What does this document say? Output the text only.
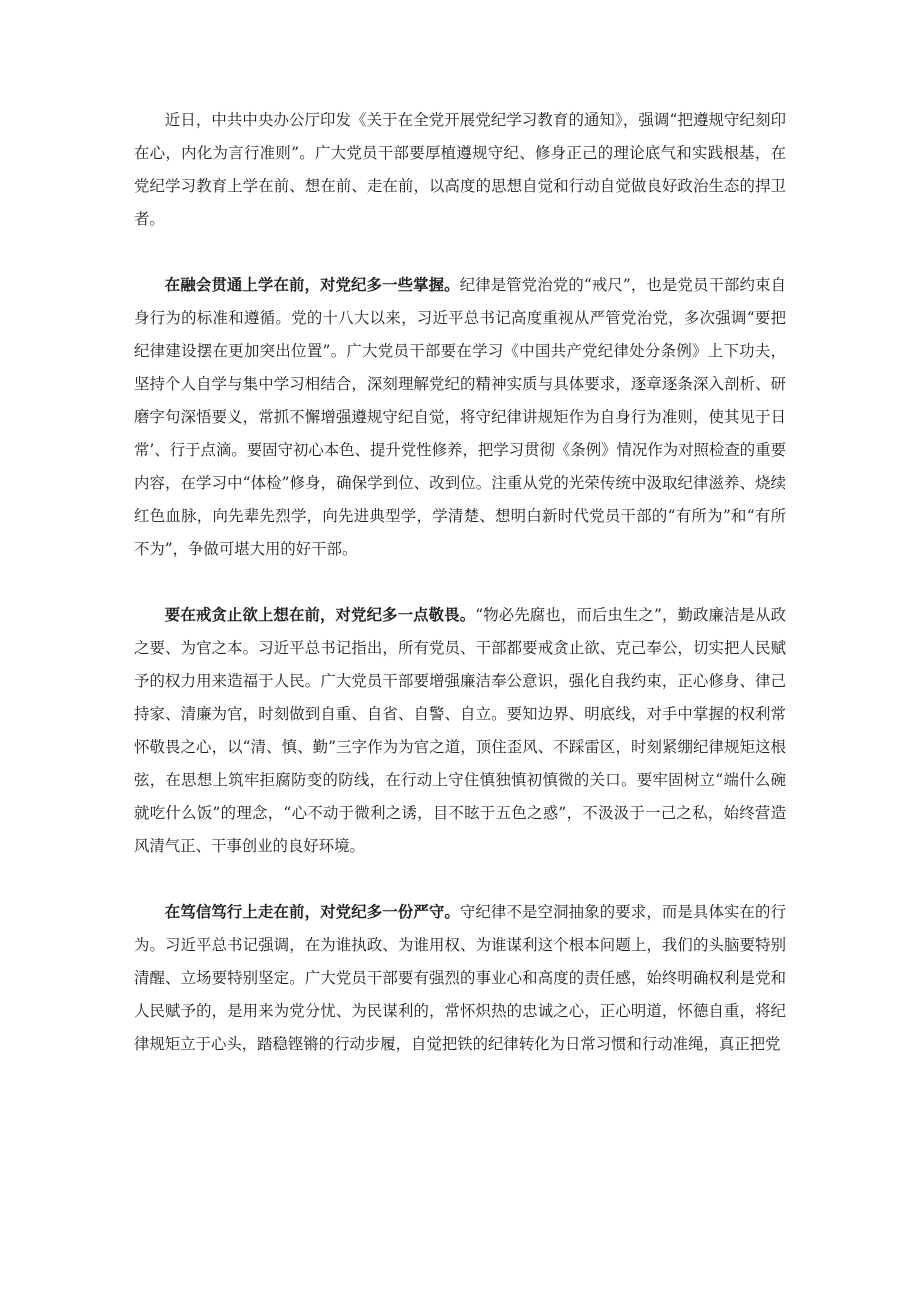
近日，中共中央办公厅印发《关于在全党开展党纪学习教育的通知》，强调“把遵规守纪刻印在心，内化为言行准则”。广大党员干部要厚植遵规守纪、修身正己的理论底气和实践根基，在党纪学习教育上学在前、想在前、走在前，以高度的思想自觉和行动自觉做良好政治生态的捍卫者。

在融会贯通上学在前，对党纪多一些掌握。纪律是管党治党的“戒尺”，也是党员干部约束自身行为的标准和遵循。党的十八大以来，习近平总书记高度重视从严管党治党，多次强调“要把纪律建设摆在更加突出位置”。广大党员干部要在学习《中国共产党纪律处分条例》上下功夫，坚持个人自学与集中学习相结合，深刻理解党纪的精神实质与具体要求，逐章逐条深入剖析、研磨字句深悟要义，常抓不懈增强遵规守纪自觉，将守纪律讲规矩作为自身行为准则，使其见于日常’、行于点滴。要固守初心本色、提升党性修养，把学习贯彻《条例》情况作为对照检查的重要内容，在学习中“体检”修身，确保学到位、改到位。注重从党的光荣传统中汲取纪律滋养、烧续红色血脉，向先辈先烈学，向先进典型学，学清楚、想明白新时代党员干部的“有所为”和“有所不为”，争做可堪大用的好干部。

要在戒贪止欲上想在前，对党纪多一点敬畏。“物必先腐也，而后虫生之”，勤政廉洁是从政之要、为官之本。习近平总书记指出，所有党员、干部都要戒贪止欲、克己奉公，切实把人民赋予的权力用来造福于人民。广大党员干部要增强廉洁奉公意识，强化自我约束，正心修身、律己持家、清廉为官，时刻做到自重、自省、自警、自立。要知边界、明底线，对手中掌握的权利常怀敬畏之心，以“清、慎、勤”三字作为为官之道，顶住歪风、不踩雷区，时刻紧绷纪律规矩这根弦，在思想上筑牢拒腐防变的防线，在行动上守住慎独慎初慎微的关口。要牢固树立“端什么碗就吃什么饭”的理念，“心不动于微利之诱，目不眩于五色之惑”，不汲汲于一己之私，始终营造风清气正、干事创业的良好环境。

在笃信笃行上走在前，对党纪多一份严守。守纪律不是空洞抽象的要求，而是具体实在的行为。习近平总书记强调，在为谁执政、为谁用权、为谁谋利这个根本问题上，我们的头脑要特别清醒、立场要特别坚定。广大党员干部要有强烈的事业心和高度的责任感，始终明确权利是党和人民赋予的，是用来为党分忧、为民谋利的，常怀炽热的忠诚之心，正心明道，怀德自重，将纪律规矩立于心头，踏稳铿锵的行动步履，自觉把铁的纪律转化为日常习惯和行动准绳，真正把党
